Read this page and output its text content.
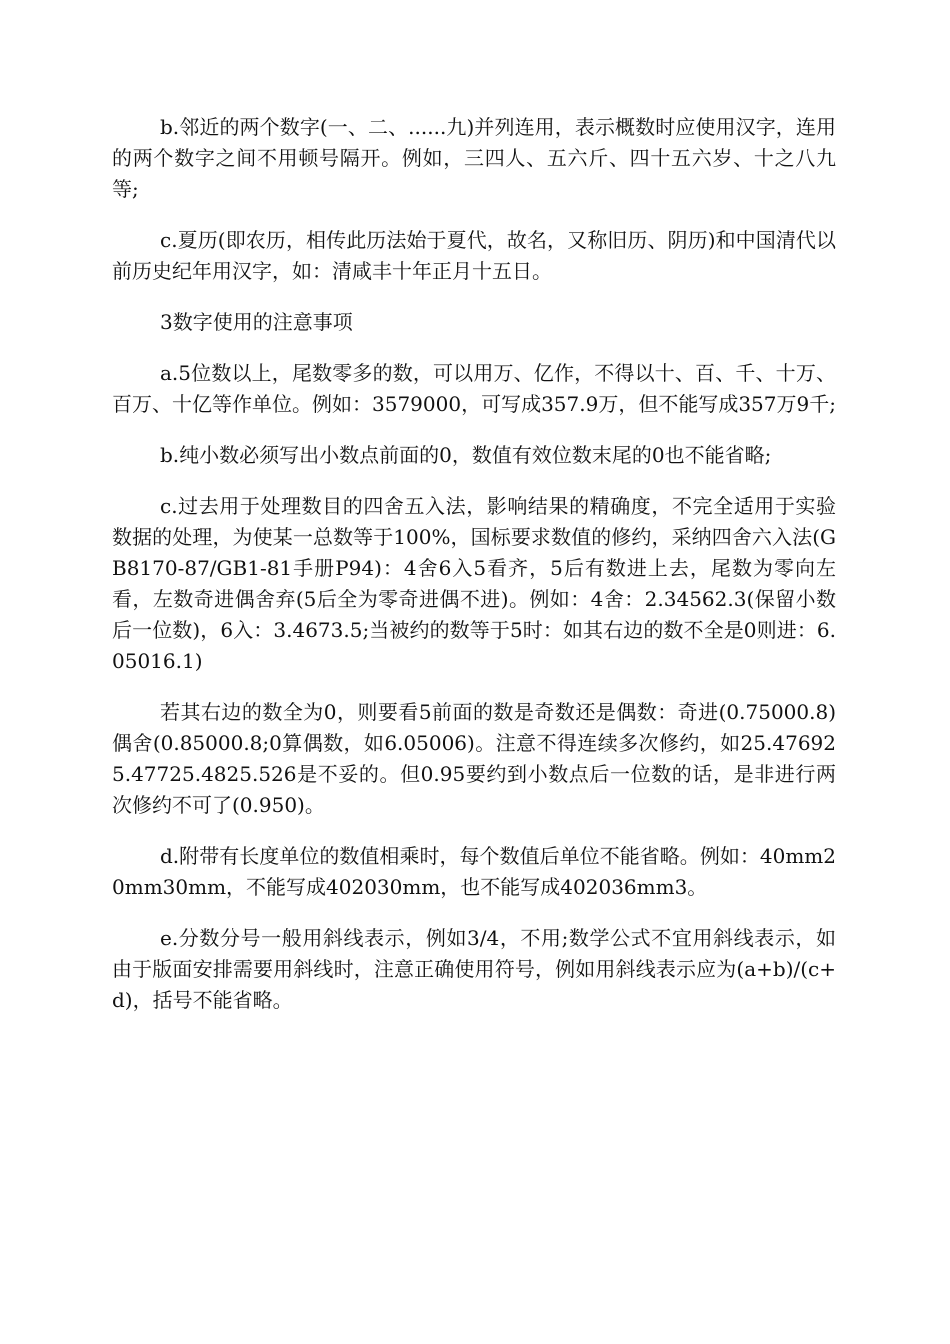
b.邻近的两个数字(一、二、......九)并列连用，表示概数时应使用汉字，连用的两个数字之间不用顿号隔开。例如，三四人、五六斤、四十五六岁、十之八九等;

c.夏历(即农历，相传此历法始于夏代，故名，又称旧历、阴历)和中国清代以前历史纪年用汉字，如：清咸丰十年正月十五日。

3数字使用的注意事项

a.5位数以上，尾数零多的数，可以用万、亿作，不得以十、百、千、十万、百万、十亿等作单位。例如：3579000，可写成357.9万，但不能写成357万9千;

b.纯小数必须写出小数点前面的0，数值有效位数末尾的0也不能省略;

c.过去用于处理数目的四舍五入法，影响结果的精确度，不完全适用于实验数据的处理，为使某一总数等于100%，国标要求数值的修约，采纳四舍六入法(GB8170-87/GB1-81手册P94)：4舍6入5看齐，5后有数进上去，尾数为零向左看，左数奇进偶舍弃(5后全为零奇进偶不进)。例如：4舍：2.34562.3(保留小数后一位数)，6入：3.4673.5;当被约的数等于5时：如其右边的数不全是0则进：6.05016.1)

若其右边的数全为0，则要看5前面的数是奇数还是偶数：奇进(0.75000.8)偶舍(0.85000.8;0算偶数，如6.05006)。注意不得连续多次修约，如25.476925.47725.4825.526是不妥的。但0.95要约到小数点后一位数的话，是非进行两次修约不可了(0.950)。

d.附带有长度单位的数值相乘时，每个数值后单位不能省略。例如：40mm20mm30mm，不能写成402030mm，也不能写成402036mm3。

e.分数分号一般用斜线表示，例如3/4，不用;数学公式不宜用斜线表示，如由于版面安排需要用斜线时，注意正确使用符号，例如用斜线表示应为(a+b)/(c+d)，括号不能省略。
